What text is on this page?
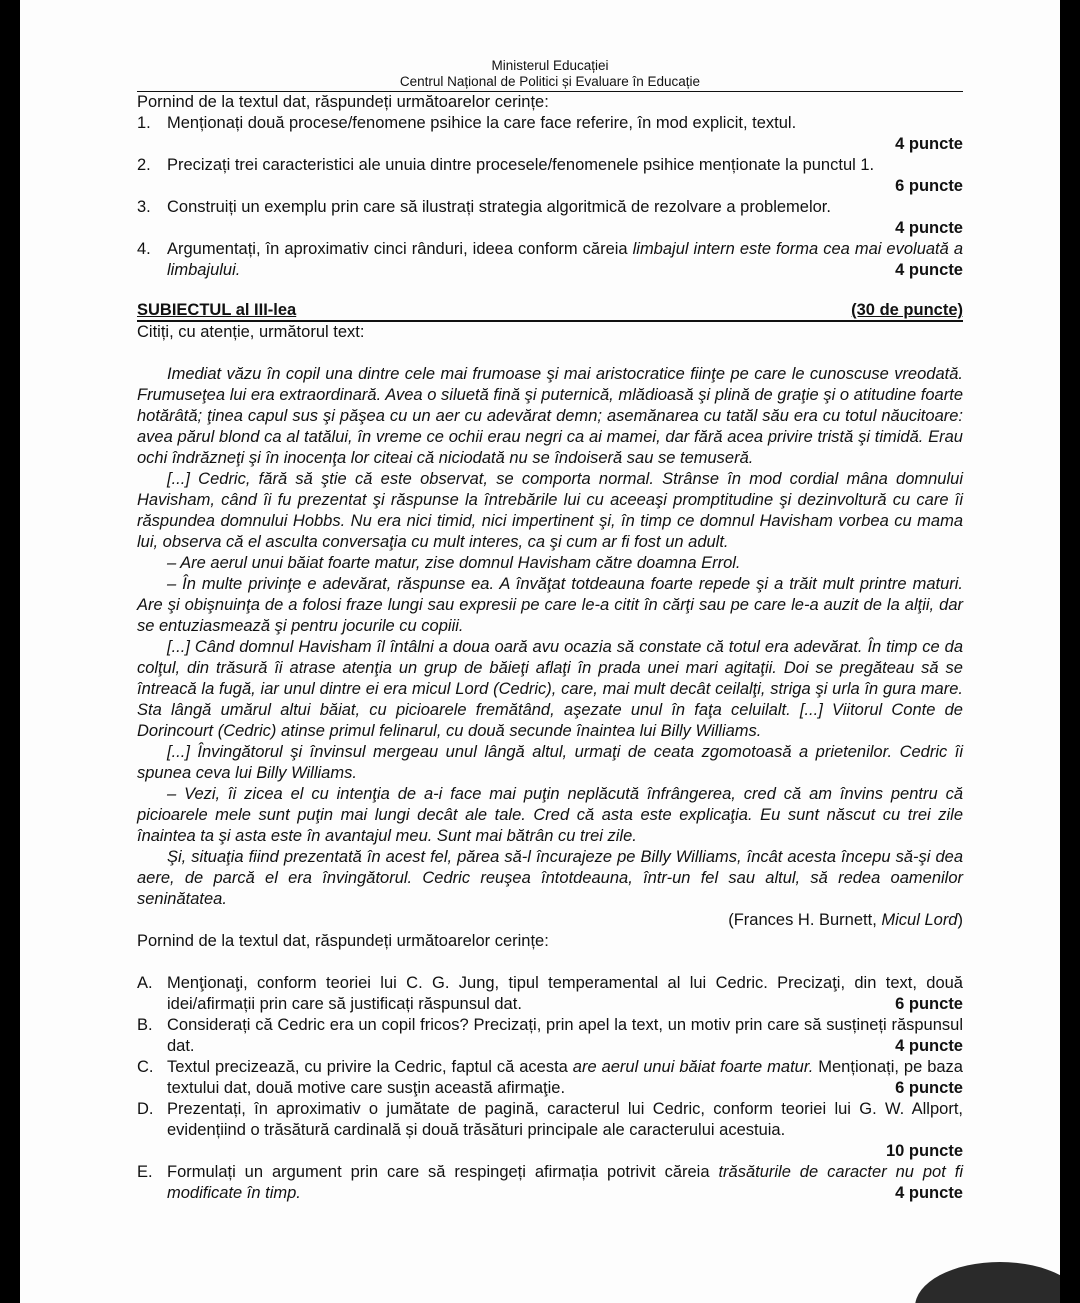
Ministerul Educației
Centrul Național de Politici și Evaluare în Educație

Pornind de la textul dat, răspundeți următoarelor cerințe:

1. Menționați două procese/fenomene psihice la care face referire, în mod explicit, textul.
4 puncte
2. Precizați trei caracteristici ale unuia dintre procesele/fenomenele psihice menționate la punctul 1.
6 puncte
3. Construiți un exemplu prin care să ilustrați strategia algoritmică de rezolvare a problemelor.
4 puncte
4. Argumentați, în aproximativ cinci rânduri, ideea conform căreia limbajul intern este forma cea mai evoluată a limbajului.	4 puncte
SUBIECTUL al III-lea	(30 de puncte)

Citiți, cu atenție, următorul text:

Imediat văzu în copil una dintre cele mai frumoase şi mai aristocratice fiinţe pe care le cunoscuse vreodată. Frumuseţea lui era extraordinară. Avea o siluetă fină şi puternică, mlădioasă şi plină de graţie şi o atitudine foarte hotărâtă; ţinea capul sus şi păşea cu un aer cu adevărat demn; asemănarea cu tatăl său era cu totul năucitoare: avea părul blond ca al tatălui, în vreme ce ochii erau negri ca ai mamei, dar fără acea privire tristă şi timidă. Erau ochi îndrăzneţi şi în inocenţa lor citeai că niciodată nu se îndoiseră sau se temuseră.

[...] Cedric, fără să ştie că este observat, se comporta normal. Strânse în mod cordial mâna domnului Havisham, când îi fu prezentat şi răspunse la întrebările lui cu aceeaşi promptitudine şi dezinvoltură cu care îi răspundea domnului Hobbs. Nu era nici timid, nici impertinent şi, în timp ce domnul Havisham vorbea cu mama lui, observa că el asculta conversaţia cu mult interes, ca şi cum ar fi fost un adult.

– Are aerul unui băiat foarte matur, zise domnul Havisham către doamna Errol.

– În multe privinţe e adevărat, răspunse ea. A învăţat totdeauna foarte repede şi a trăit mult printre maturi. Are şi obişnuinţa de a folosi fraze lungi sau expresii pe care le-a citit în cărţi sau pe care le-a auzit de la alţii, dar se entuziasmează şi pentru jocurile cu copiii.

[...] Când domnul Havisham îl întâlni a doua oară avu ocazia să constate că totul era adevărat. În timp ce da colţul, din trăsură îi atrase atenţia un grup de băieţi aflaţi în prada unei mari agitaţii. Doi se pregăteau să se întreacă la fugă, iar unul dintre ei era micul Lord (Cedric), care, mai mult decât ceilalţi, striga şi urla în gura mare. Sta lângă umărul altui băiat, cu picioarele fremătând, aşezate unul în faţa celuilalt. [...] Viitorul Conte de Dorincourt (Cedric) atinse primul felinarul, cu două secunde înaintea lui Billy Williams.

[...] Învingătorul şi învinsul mergeau unul lângă altul, urmaţi de ceata zgomotoasă a prietenilor. Cedric îi spunea ceva lui Billy Williams.

– Vezi, îi zicea el cu intenţia de a-i face mai puţin neplăcută înfrângerea, cred că am învins pentru că picioarele mele sunt puţin mai lungi decât ale tale. Cred că asta este explicaţia. Eu sunt născut cu trei zile înaintea ta şi asta este în avantajul meu. Sunt mai bătrân cu trei zile.

Şi, situaţia fiind prezentată în acest fel, părea să-l încurajeze pe Billy Williams, încât acesta începu să-şi dea aere, de parcă el era învingătorul. Cedric reuşea întotdeauna, într-un fel sau altul, să redea oamenilor seninătatea.

(Frances H. Burnett, Micul Lord)

Pornind de la textul dat, răspundeți următoarelor cerințe:

A. Menţionaţi, conform teoriei lui C. G. Jung, tipul temperamental al lui Cedric. Precizaţi, din text, două idei/afirmații prin care să justificați răspunsul dat.	6 puncte
B. Considerați că Cedric era un copil fricos? Precizați, prin apel la text, un motiv prin care să susțineți răspunsul dat.	4 puncte
C. Textul precizează, cu privire la Cedric, faptul că acesta are aerul unui băiat foarte matur. Menționați, pe baza textului dat, două motive care susţin această afirmaţie.	6 puncte
D. Prezentați, în aproximativ o jumătate de pagină, caracterul lui Cedric, conform teoriei lui G. W. Allport, evidențiind o trăsătură cardinală și două trăsături principale ale caracterului acestuia.
10 puncte
E. Formulați un argument prin care să respingeți afirmația potrivit căreia trăsăturile de caracter nu pot fi modificate în timp.	4 puncte
